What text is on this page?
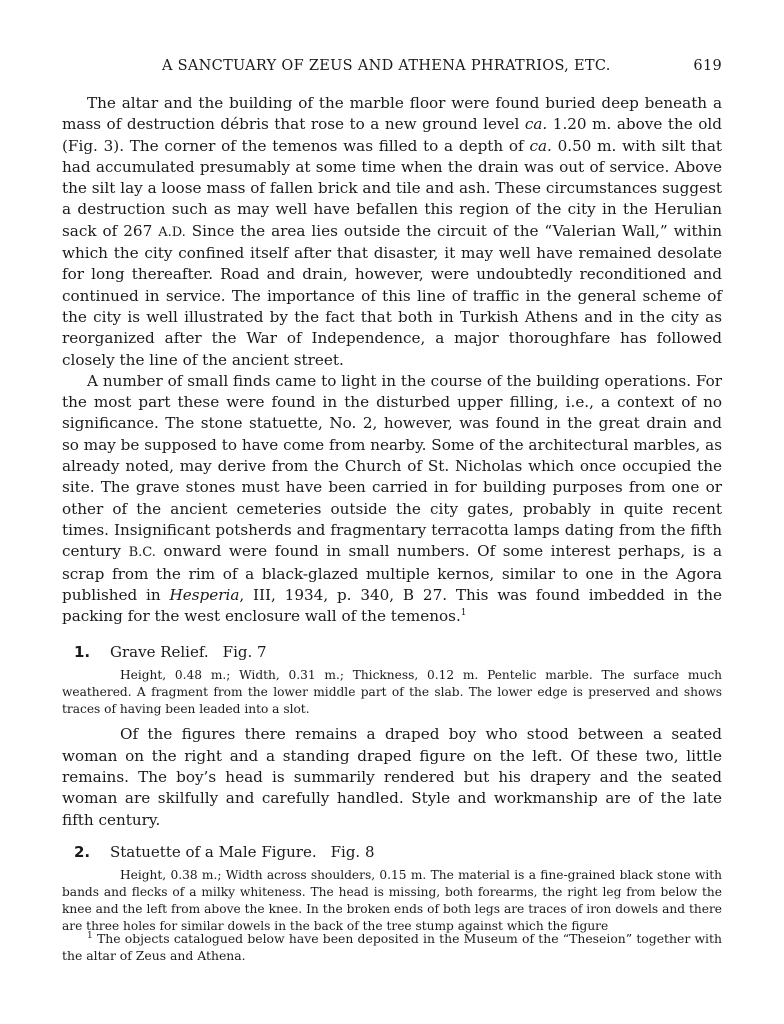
A SANCTUARY OF ZEUS AND ATHENA PHRATRIOS, ETC.	619

The altar and the building of the marble floor were found buried deep beneath a mass of destruction débris that rose to a new ground level ca. 1.20 m. above the old (Fig. 3). The corner of the temenos was filled to a depth of ca. 0.50 m. with silt that had accumulated presumably at some time when the drain was out of service. Above the silt lay a loose mass of fallen brick and tile and ash. These circumstances suggest a destruction such as may well have befallen this region of the city in the Herulian sack of 267 A.D. Since the area lies outside the circuit of the “Valerian Wall,” within which the city confined itself after that disaster, it may well have remained desolate for long thereafter. Road and drain, however, were undoubtedly reconditioned and continued in service. The importance of this line of traffic in the general scheme of the city is well illustrated by the fact that both in Turkish Athens and in the city as reorganized after the War of Independence, a major thoroughfare has followed closely the line of the ancient street.

A number of small finds came to light in the course of the building operations. For the most part these were found in the disturbed upper filling, i.e., a context of no significance. The stone statuette, No. 2, however, was found in the great drain and so may be supposed to have come from nearby. Some of the architectural marbles, as already noted, may derive from the Church of St. Nicholas which once occupied the site. The grave stones must have been carried in for building purposes from one or other of the ancient cemeteries outside the city gates, probably in quite recent times. Insignificant potsherds and fragmentary terracotta lamps dating from the fifth century B.C. onward were found in small numbers. Of some interest perhaps, is a scrap from the rim of a black-glazed multiple kernos, similar to one in the Agora published in Hesperia, III, 1934, p. 340, B 27. This was found imbedded in the packing for the west enclosure wall of the temenos.$^1$

1.	Grave Relief. Fig. 7

Height, 0.48 m.; Width, 0.31 m.; Thickness, 0.12 m. Pentelic marble. The surface much weathered. A fragment from the lower middle part of the slab. The lower edge is preserved and shows traces of having been leaded into a slot.

Of the figures there remains a draped boy who stood between a seated woman on the right and a standing draped figure on the left. Of these two, little remains. The boy’s head is summarily rendered but his drapery and the seated woman are skilfully and carefully handled. Style and workmanship are of the late fifth century.

2.	Statuette of a Male Figure. Fig. 8

Height, 0.38 m.; Width across shoulders, 0.15 m. The material is a fine-grained black stone with bands and flecks of a milky whiteness. The head is missing, both forearms, the right leg from below the knee and the left from above the knee. In the broken ends of both legs are traces of iron dowels and there are three holes for similar dowels in the back of the tree stump against which the figure

$^1$ The objects catalogued below have been deposited in the Museum of the “Theseion” together with the altar of Zeus and Athena.
